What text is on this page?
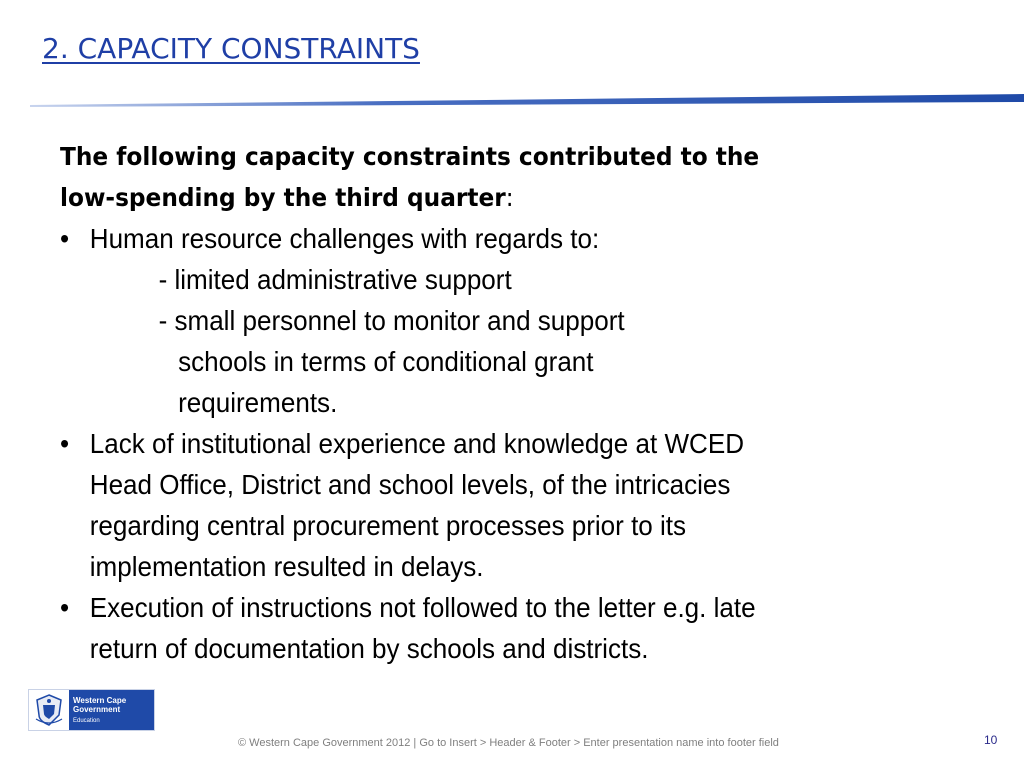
2. CAPACITY CONSTRAINTS
The following capacity constraints contributed to the
low-spending by the third quarter:
• Human resource challenges with regards to:
- limited administrative support
- small personnel to monitor and support
schools in terms of conditional grant
requirements.
• Lack of institutional experience and knowledge at WCED
Head Office, District and school levels, of the intricacies
regarding central procurement processes prior to its
implementation resulted in delays.
• Execution of instructions not followed to the letter e.g. late
return of documentation by schools and districts.
Western Cape
Government
Education
© Western Cape Government 2012 | Go to Insert > Header & Footer > Enter presentation name into footer field	10
